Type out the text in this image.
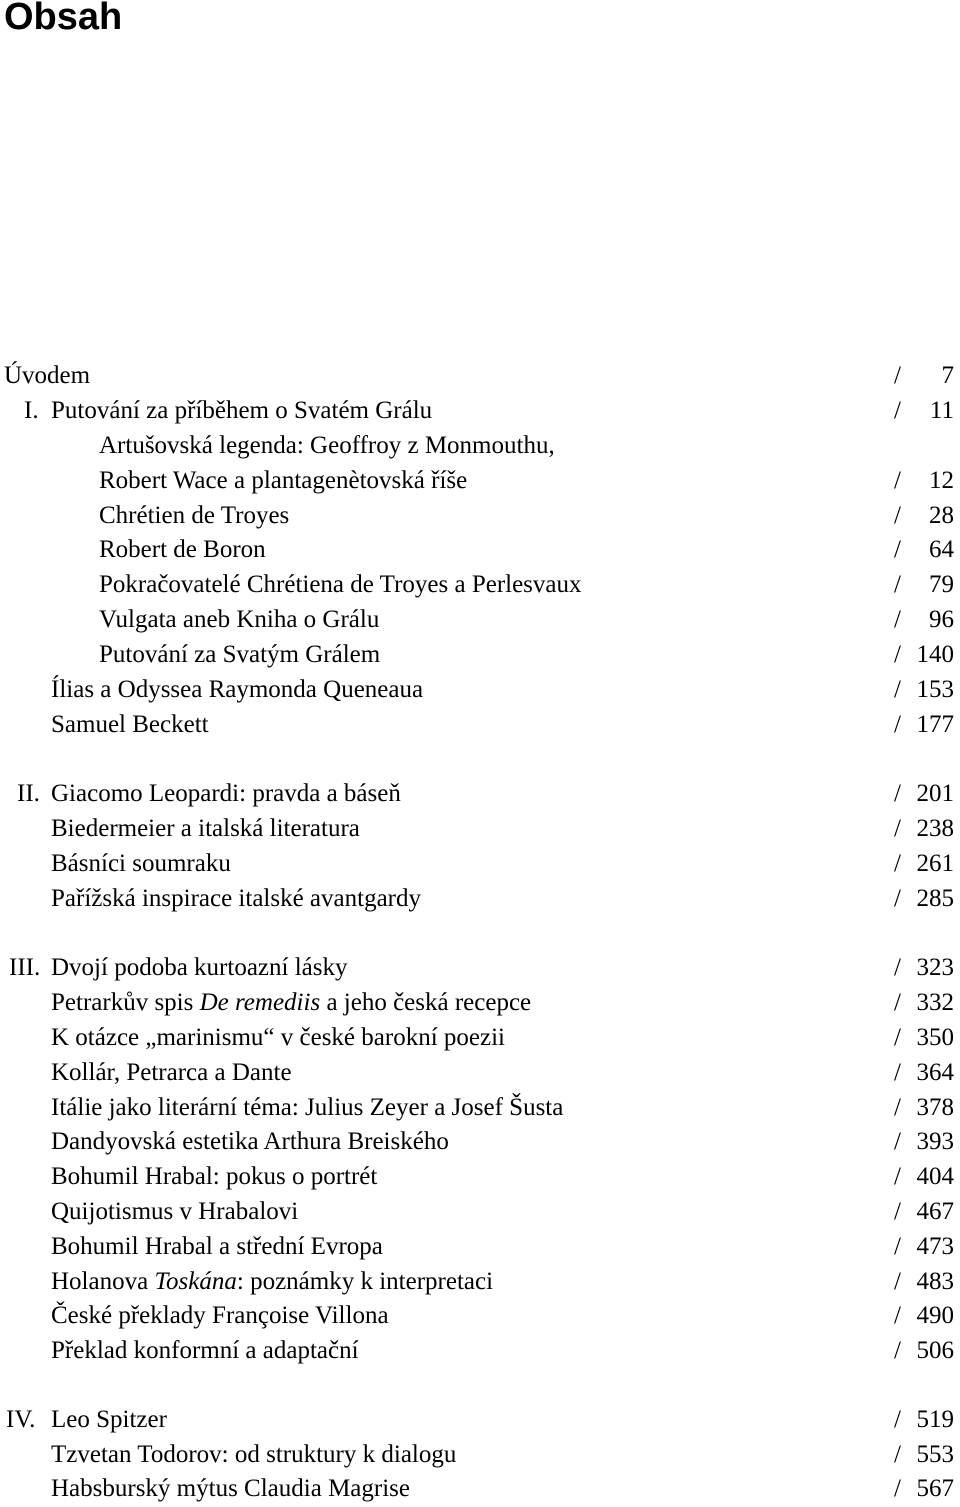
Obsah
Úvodem	/ 7
I. Putování za příběhem o Svatém Grálu	/ 11
Artušovská legenda: Geoffroy z Monmouthu,
Robert Wace a plantagenètovská říše	/ 12
Chrétien de Troyes	/ 28
Robert de Boron	/ 64
Pokračovatelé Chrétiena de Troyes a Perlesvaux	/ 79
Vulgata aneb Kniha o Grálu	/ 96
Putování za Svatým Grálem	/ 140
Ílias a Odyssea Raymonda Queneaua	/ 153
Samuel Beckett	/ 177
II. Giacomo Leopardi: pravda a báseň	/ 201
Biedermeier a italská literatura	/ 238
Básníci soumraku	/ 261
Pařížská inspirace italské avantgardy	/ 285
III. Dvojí podoba kurtoazní lásky	/ 323
Petrarkův spis De remediis a jeho česká recepce	/ 332
K otázce „marinismu“ v české barokní poezii	/ 350
Kollár, Petrarca a Dante	/ 364
Itálie jako literární téma: Julius Zeyer a Josef Šusta	/ 378
Dandyovská estetika Arthura Breiského	/ 393
Bohumil Hrabal: pokus o portrét	/ 404
Quijotismus v Hrabalovi	/ 467
Bohumil Hrabal a střední Evropa	/ 473
Holanova Toskána: poznámky k interpretaci	/ 483
České překlady Françoise Villona	/ 490
Překlad konformní a adaptační	/ 506
IV. Leo Spitzer	/ 519
Tzvetan Todorov: od struktury k dialogu	/ 553
Habsburský mýtus Claudia Magrise	/ 567
